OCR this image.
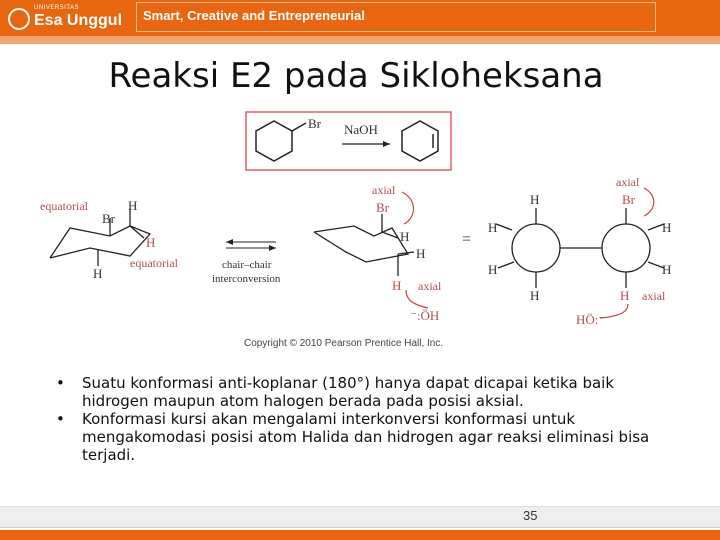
UNIVERSITAS
Esa Unggul Smart, Creative and Entrepreneurial
Reaksi E2 pada Sikloheksana
Br NaOH
equatorial
Br
H
H
H
equatorial	chair–chair
interconversion
axial
Br
H
H
H axial
⁻:ÖH
=
H
H
H
H
axial
Br
H
H
H axial
HÖ:⁻
Copyright © 2010 Pearson Prentice Hall, Inc.
• Suatu konformasi anti-koplanar (180°) hanya dapat dicapai ketika baik hidrogen maupun atom halogen berada pada posisi aksial.
• Konformasi kursi akan mengalami interkonversi konformasi untuk mengakomodasi posisi atom Halida dan hidrogen agar reaksi eliminasi bisa terjadi.
35
